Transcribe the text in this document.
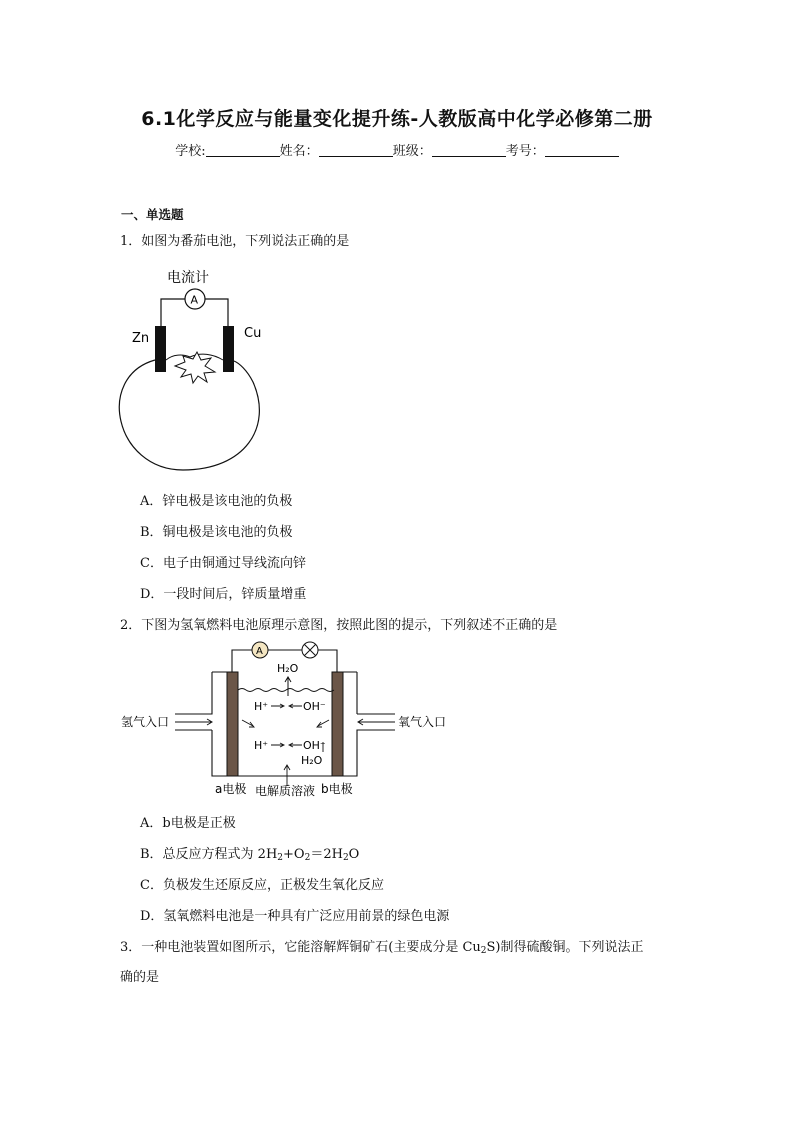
6.1化学反应与能量变化提升练-人教版高中化学必修第二册
学校:	姓名：	班级：	考号：
一、单选题
1．如图为番茄电池，下列说法正确的是
电流计
A
Zn	Cu
A．锌电极是该电池的负极
B．铜电极是该电池的负极
C．电子由铜通过导线流向锌
D．一段时间后，锌质量增重
2．下图为氢氧燃料电池原理示意图，按照此图的提示，下列叙述不正确的是
A
氢气入口	氧气入口
H₂O
H⁺	OH⁻
H⁺	OH⁻
H₂O
a电极 电解质溶液 b电极
A．b电极是正极
B．总反应方程式为 $2H_2+O_2=2H_2O$
C．负极发生还原反应，正极发生氧化反应
D．氢氧燃料电池是一种具有广泛应用前景的绿色电源
3．一种电池装置如图所示，它能溶解辉铜矿石(主要成分是 $Cu_2S$)制得硫酸铜。下列说法正
确的是
